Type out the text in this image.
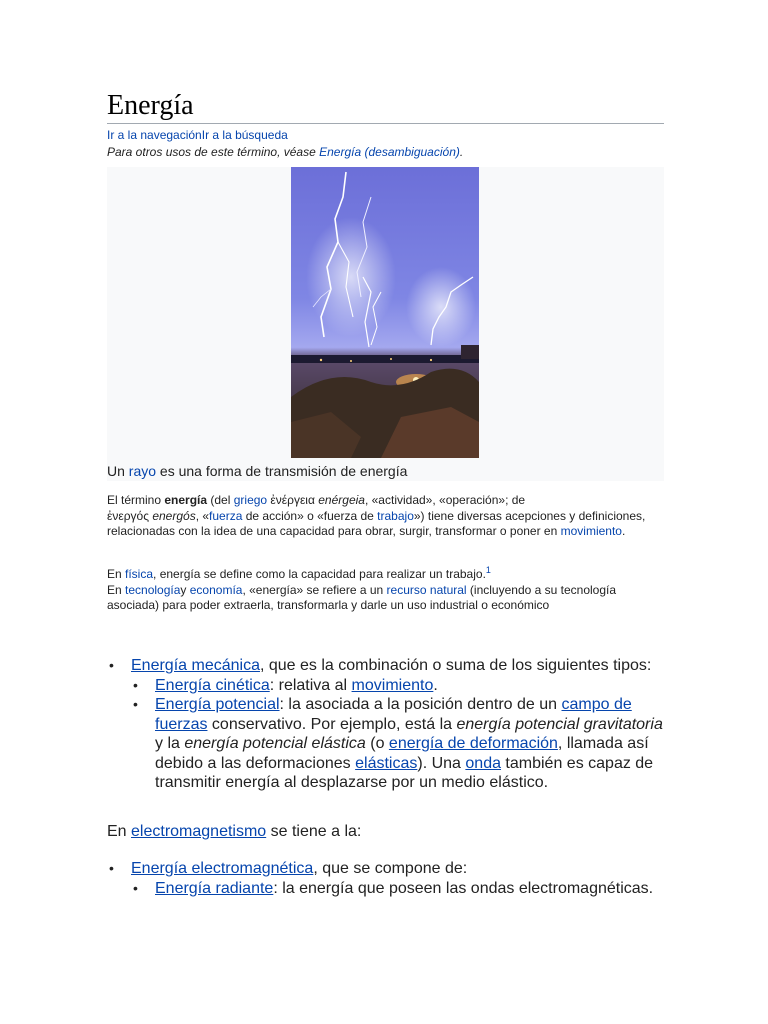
Energía
Ir a la navegaciónIr a la búsqueda
Para otros usos de este término, véase Energía (desambiguación).
Un rayo es una forma de transmisión de energía
El término energía (del griego ἐνέργεια enérgeia, «actividad», «operación»; de
ἐνεργός energós, «fuerza de acción» o «fuerza de trabajo») tiene diversas acepciones y definiciones, relacionadas con la idea de una capacidad para obrar, surgir, transformar o poner en movimiento.
En física, energía se define como la capacidad para realizar un trabajo.$^1$
En tecnologíay economía, «energía» se refiere a un recurso natural (incluyendo a su tecnología asociada) para poder extraerla, transformarla y darle un uso industrial o económico
• Energía mecánica, que es la combinación o suma de los siguientes tipos:
• Energía cinética: relativa al movimiento.
• Energía potencial: la asociada a la posición dentro de un campo de fuerzas conservativo. Por ejemplo, está la energía potencial gravitatoria y la energía potencial elástica (o energía de deformación, llamada así debido a las deformaciones elásticas). Una onda también es capaz de transmitir energía al desplazarse por un medio elástico.
En electromagnetismo se tiene a la:
• Energía electromagnética, que se compone de:
• Energía radiante: la energía que poseen las ondas electromagnéticas.
